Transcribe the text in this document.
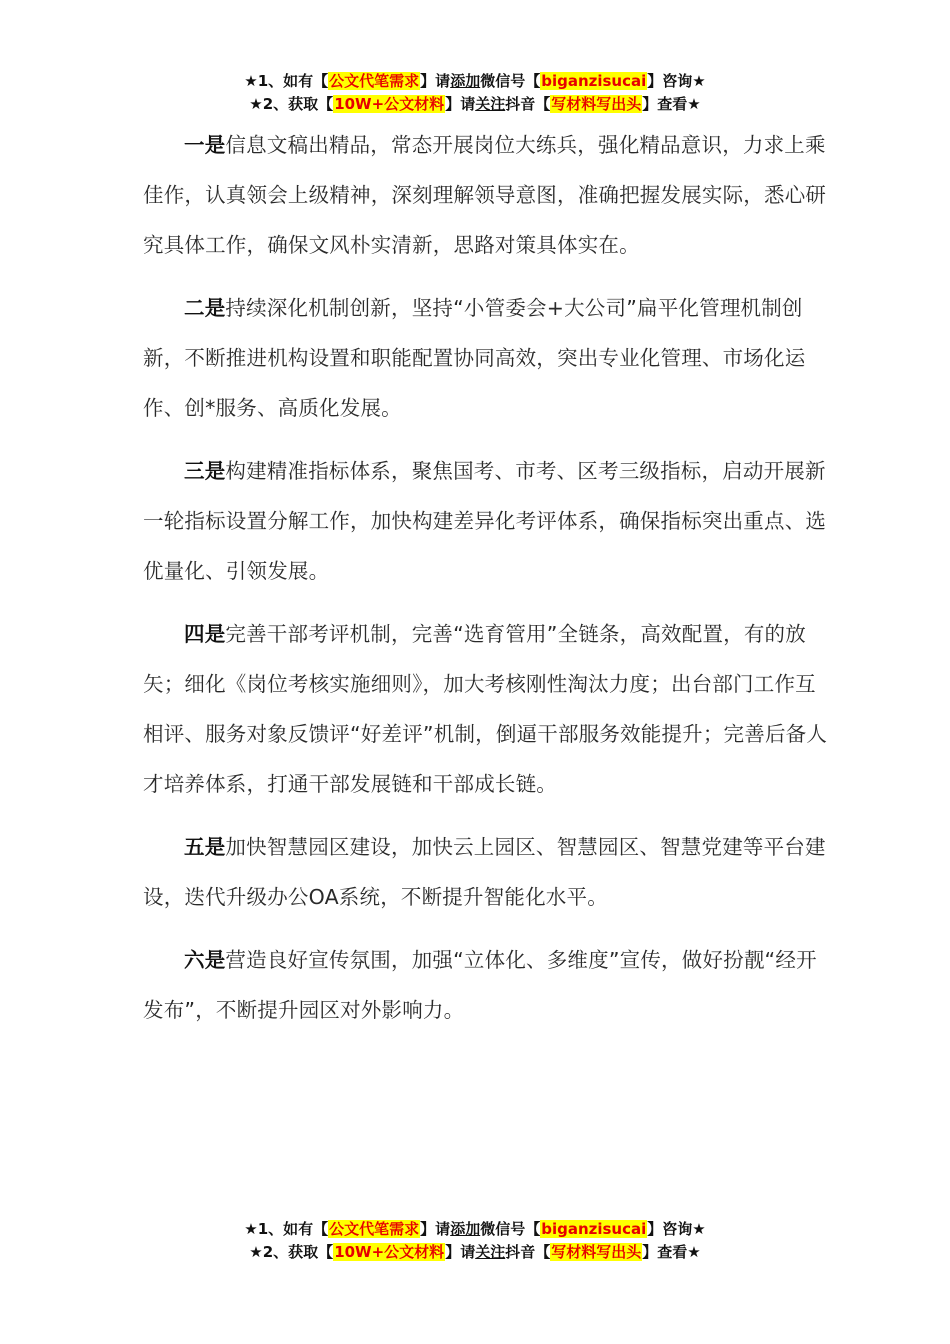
★1、如有【公文代笔需求】请添加微信号【biganzisucai】咨询★
★2、获取【10W+公文材料】请关注抖音【写材料写出头】查看★

一是信息文稿出精品，常态开展岗位大练兵，强化精品意识，力求上乘佳作，认真领会上级精神，深刻理解领导意图，准确把握发展实际，悉心研究具体工作，确保文风朴实清新，思路对策具体实在。

二是持续深化机制创新，坚持“小管委会+大公司”扁平化管理机制创新，不断推进机构设置和职能配置协同高效，突出专业化管理、市场化运作、创*服务、高质化发展。

三是构建精准指标体系，聚焦国考、市考、区考三级指标，启动开展新一轮指标设置分解工作，加快构建差异化考评体系，确保指标突出重点、选优量化、引领发展。

四是完善干部考评机制，完善“选育管用”全链条，高效配置，有的放矢；细化《岗位考核实施细则》，加大考核刚性淘汰力度；出台部门工作互相评、服务对象反馈评“好差评”机制，倒逼干部服务效能提升；完善后备人才培养体系，打通干部发展链和干部成长链。

五是加快智慧园区建设，加快云上园区、智慧园区、智慧党建等平台建设，迭代升级办公OA系统，不断提升智能化水平。

六是营造良好宣传氛围，加强“立体化、多维度”宣传，做好扮靓“经开发布”，不断提升园区对外影响力。

★1、如有【公文代笔需求】请添加微信号【biganzisucai】咨询★
★2、获取【10W+公文材料】请关注抖音【写材料写出头】查看★
